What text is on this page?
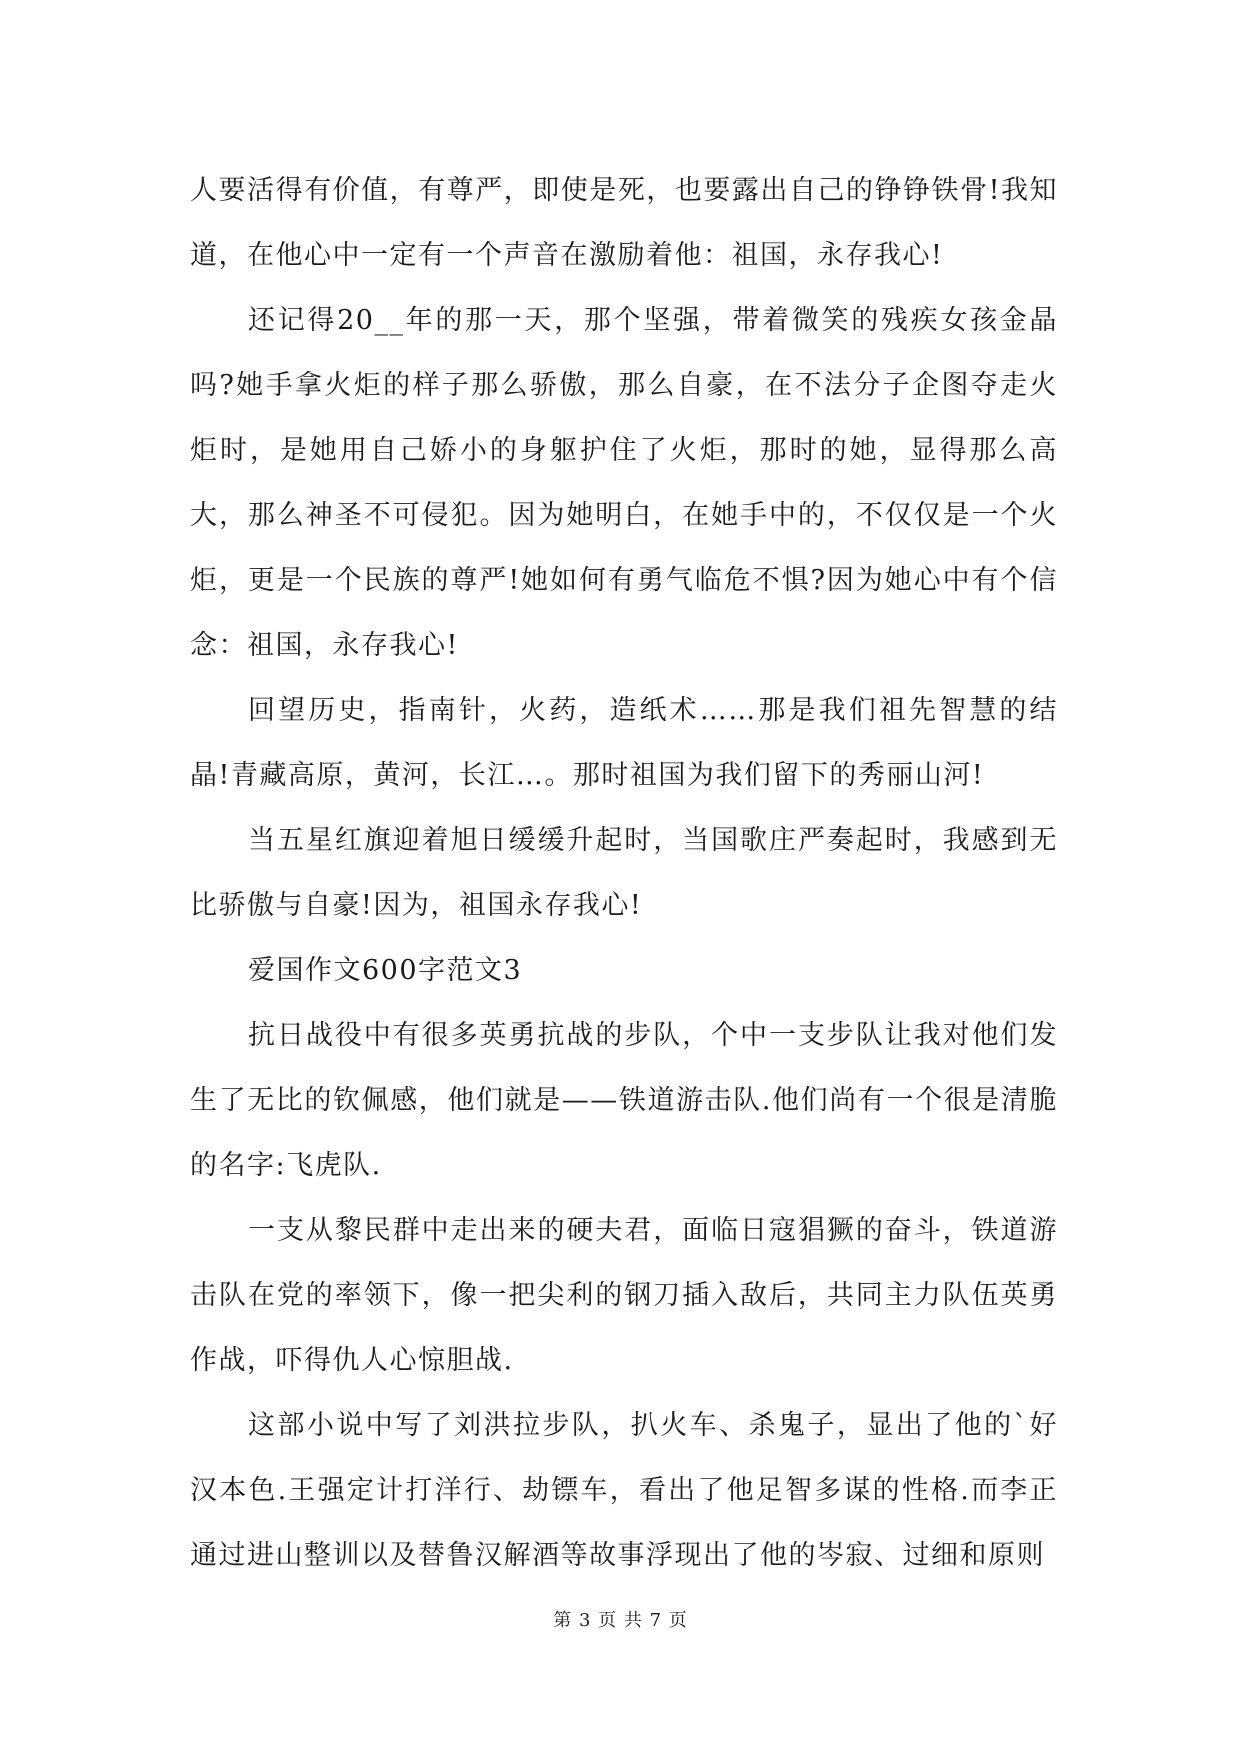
人要活得有价值，有尊严，即使是死，也要露出自己的铮铮铁骨!我知道，在他心中一定有一个声音在激励着他：祖国，永存我心!

还记得20__年的那一天，那个坚强，带着微笑的残疾女孩金晶吗?她手拿火炬的样子那么骄傲，那么自豪，在不法分子企图夺走火炬时，是她用自己娇小的身躯护住了火炬，那时的她，显得那么高大，那么神圣不可侵犯。因为她明白，在她手中的，不仅仅是一个火炬，更是一个民族的尊严!她如何有勇气临危不惧?因为她心中有个信念：祖国，永存我心!

回望历史，指南针，火药，造纸术……那是我们祖先智慧的结晶!青藏高原，黄河，长江…。那时祖国为我们留下的秀丽山河!

当五星红旗迎着旭日缓缓升起时，当国歌庄严奏起时，我感到无比骄傲与自豪!因为，祖国永存我心!

爱国作文600字范文3

抗日战役中有很多英勇抗战的步队，个中一支步队让我对他们发生了无比的钦佩感，他们就是——铁道游击队.他们尚有一个很是清脆的名字:飞虎队.

一支从黎民群中走出来的硬夫君，面临日寇猖獗的奋斗，铁道游击队在党的率领下，像一把尖利的钢刀插入敌后，共同主力队伍英勇作战，吓得仇人心惊胆战.

这部小说中写了刘洪拉步队，扒火车、杀鬼子，显出了他的`好汉本色.王强定计打洋行、劫镖车，看出了他足智多谋的性格.而李正通过进山整训以及替鲁汉解酒等故事浮现出了他的岑寂、过细和原则

第 3 页 共 7 页
